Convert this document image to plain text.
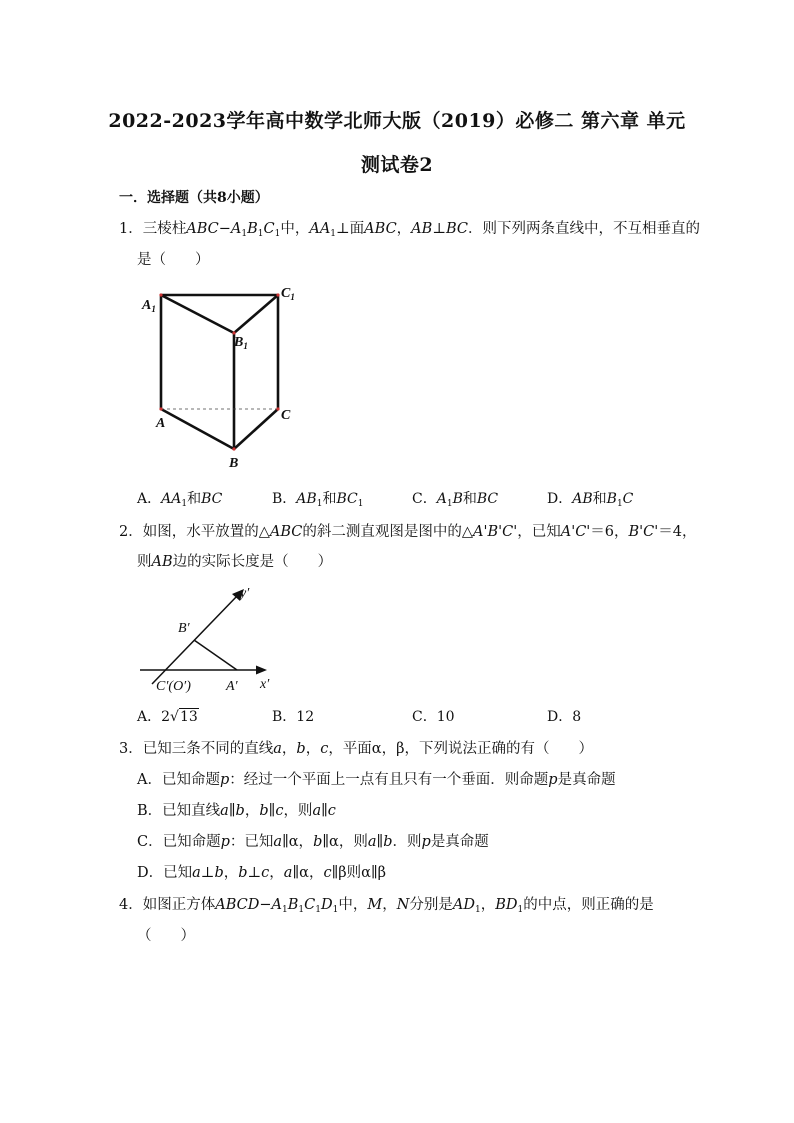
2022-2023学年高中数学北师大版（2019）必修二 第六章 单元
测试卷2
一．选择题（共8小题）
1．三棱柱$ABC-A_1B_1C_1$中，$AA_1\perp$面ABC，AB⊥BC．则下列两条直线中，不互相垂直的
是（　　）
$A_1$
$C_1$
$B_1$
A
C
B
A．$AA_1$和BC	B．$AB_1$和$BC_1$	C．$A_1B$和BC	D．AB和$B_1C$
2．如图，水平放置的△ABC的斜二测直观图是图中的△A'B'C'，已知A'C'＝6，B'C'＝4，
则AB边的实际长度是（　　）
y′
x′
B′
C′(O′)	A′
A．2√13	B．12	C．10	D．8
3．已知三条不同的直线a，b，c，平面α，β，下列说法正确的有（　　）
A．已知命题p：经过一个平面上一点有且只有一个垂面．则命题p是真命题
B．已知直线a∥b，b∥c，则a∥c
C．已知命题p：已知a∥α，b∥α，则a∥b．则p是真命题
D．已知a⊥b，b⊥c，a∥α，c∥β则α∥β
4．如图正方体$ABCD-A_1B_1C_1D_1$中，M，N分别是$AD_1$，$BD_1$的中点，则正确的是
（　　）
